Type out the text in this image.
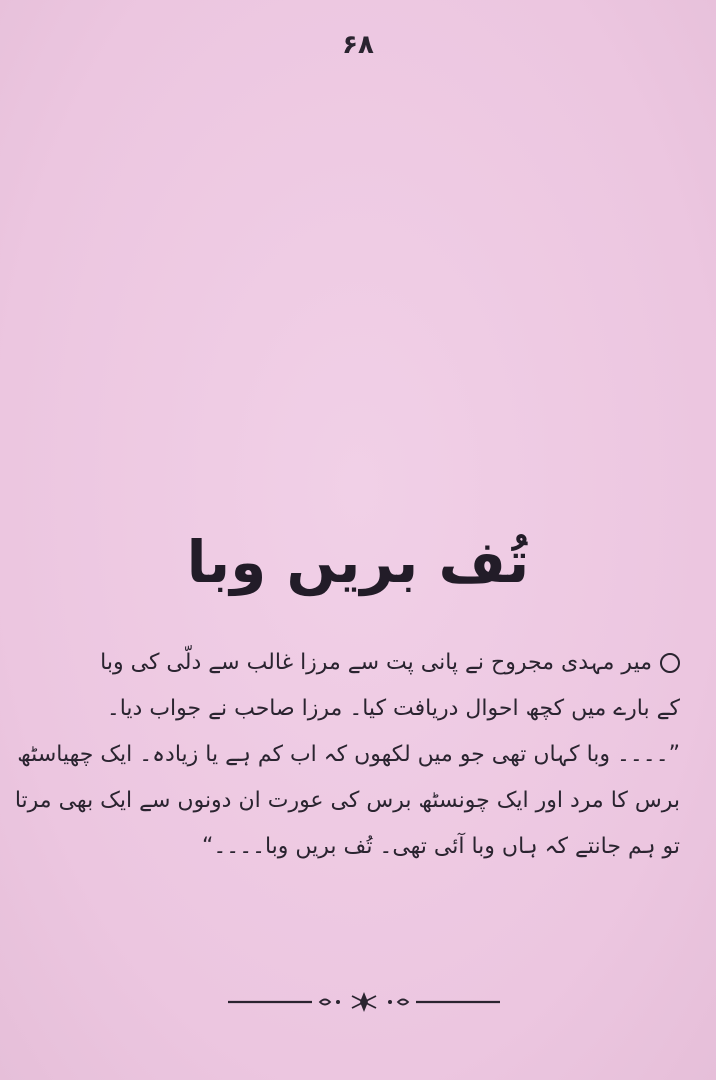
۶۸
تُف بریں وبا
میر مہدی مجروح نے پانی پت سے مرزا غالب سے دلّی کی وبا
کے بارے میں کچھ احوال دریافت کیا۔ مرزا صاحب نے جواب دیا۔
”۔۔۔۔ وبا کہاں تھی جو میں لکھوں کہ اب کم ہے یا زیادہ۔ ایک چھیاسٹھ
برس کا مرد اور ایک چونسٹھ برس کی عورت ان دونوں سے ایک بھی مرتا
تو ہم جانتے کہ ہاں وبا آئی تھی۔ تُف بریں وبا۔۔۔۔“
